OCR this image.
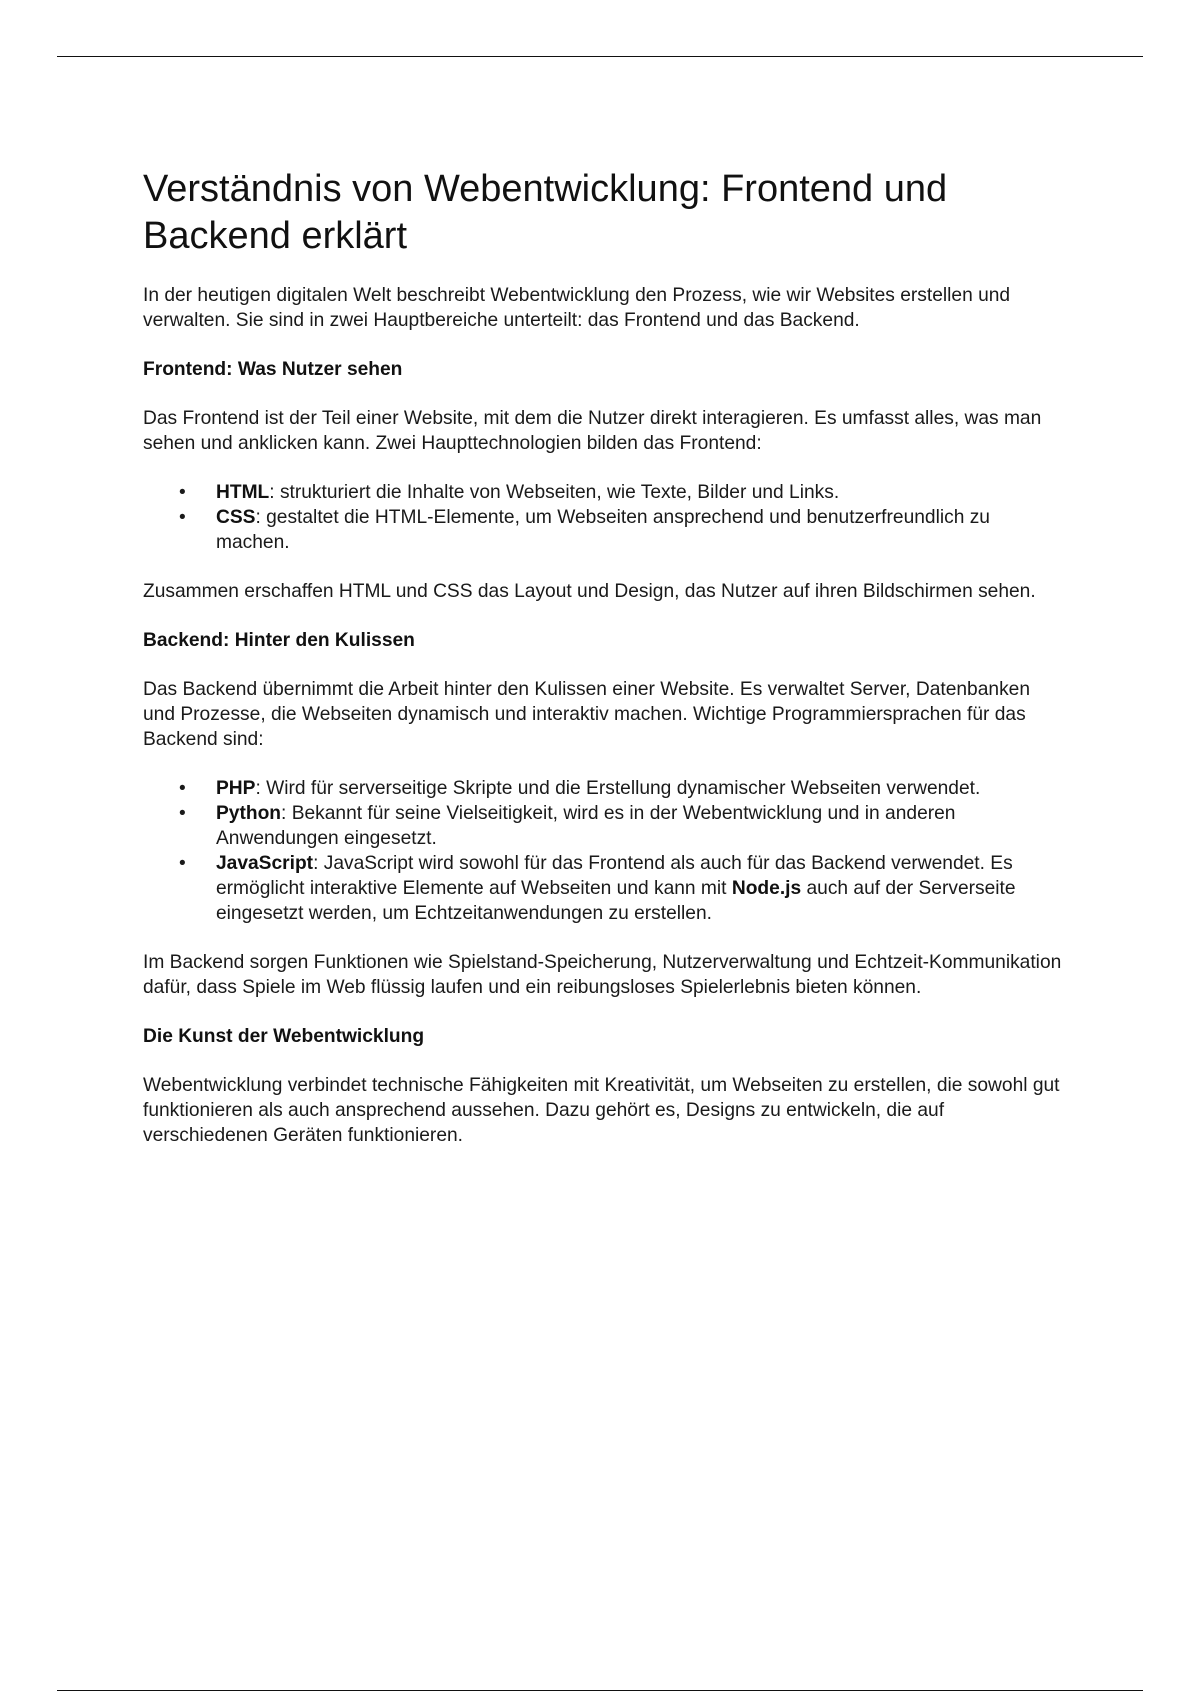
Verständnis von Webentwicklung: Frontend und Backend erklärt

In der heutigen digitalen Welt beschreibt Webentwicklung den Prozess, wie wir Websites erstellen und verwalten. Sie sind in zwei Hauptbereiche unterteilt: das Frontend und das Backend.

Frontend: Was Nutzer sehen

Das Frontend ist der Teil einer Website, mit dem die Nutzer direkt interagieren. Es umfasst alles, was man sehen und anklicken kann. Zwei Haupttechnologien bilden das Frontend:

• HTML: strukturiert die Inhalte von Webseiten, wie Texte, Bilder und Links.
• CSS: gestaltet die HTML-Elemente, um Webseiten ansprechend und benutzerfreundlich zu machen.

Zusammen erschaffen HTML und CSS das Layout und Design, das Nutzer auf ihren Bildschirmen sehen.

Backend: Hinter den Kulissen

Das Backend übernimmt die Arbeit hinter den Kulissen einer Website. Es verwaltet Server, Datenbanken und Prozesse, die Webseiten dynamisch und interaktiv machen. Wichtige Programmiersprachen für das Backend sind:

• PHP: Wird für serverseitige Skripte und die Erstellung dynamischer Webseiten verwendet.
• Python: Bekannt für seine Vielseitigkeit, wird es in der Webentwicklung und in anderen Anwendungen eingesetzt.
• JavaScript: JavaScript wird sowohl für das Frontend als auch für das Backend verwendet. Es ermöglicht interaktive Elemente auf Webseiten und kann mit Node.js auch auf der Serverseite eingesetzt werden, um Echtzeitanwendungen zu erstellen.

Im Backend sorgen Funktionen wie Spielstand-Speicherung, Nutzerverwaltung und Echtzeit-Kommunikation dafür, dass Spiele im Web flüssig laufen und ein reibungsloses Spielerlebnis bieten können.

Die Kunst der Webentwicklung

Webentwicklung verbindet technische Fähigkeiten mit Kreativität, um Webseiten zu erstellen, die sowohl gut funktionieren als auch ansprechend aussehen. Dazu gehört es, Designs zu entwickeln, die auf verschiedenen Geräten funktionieren.
